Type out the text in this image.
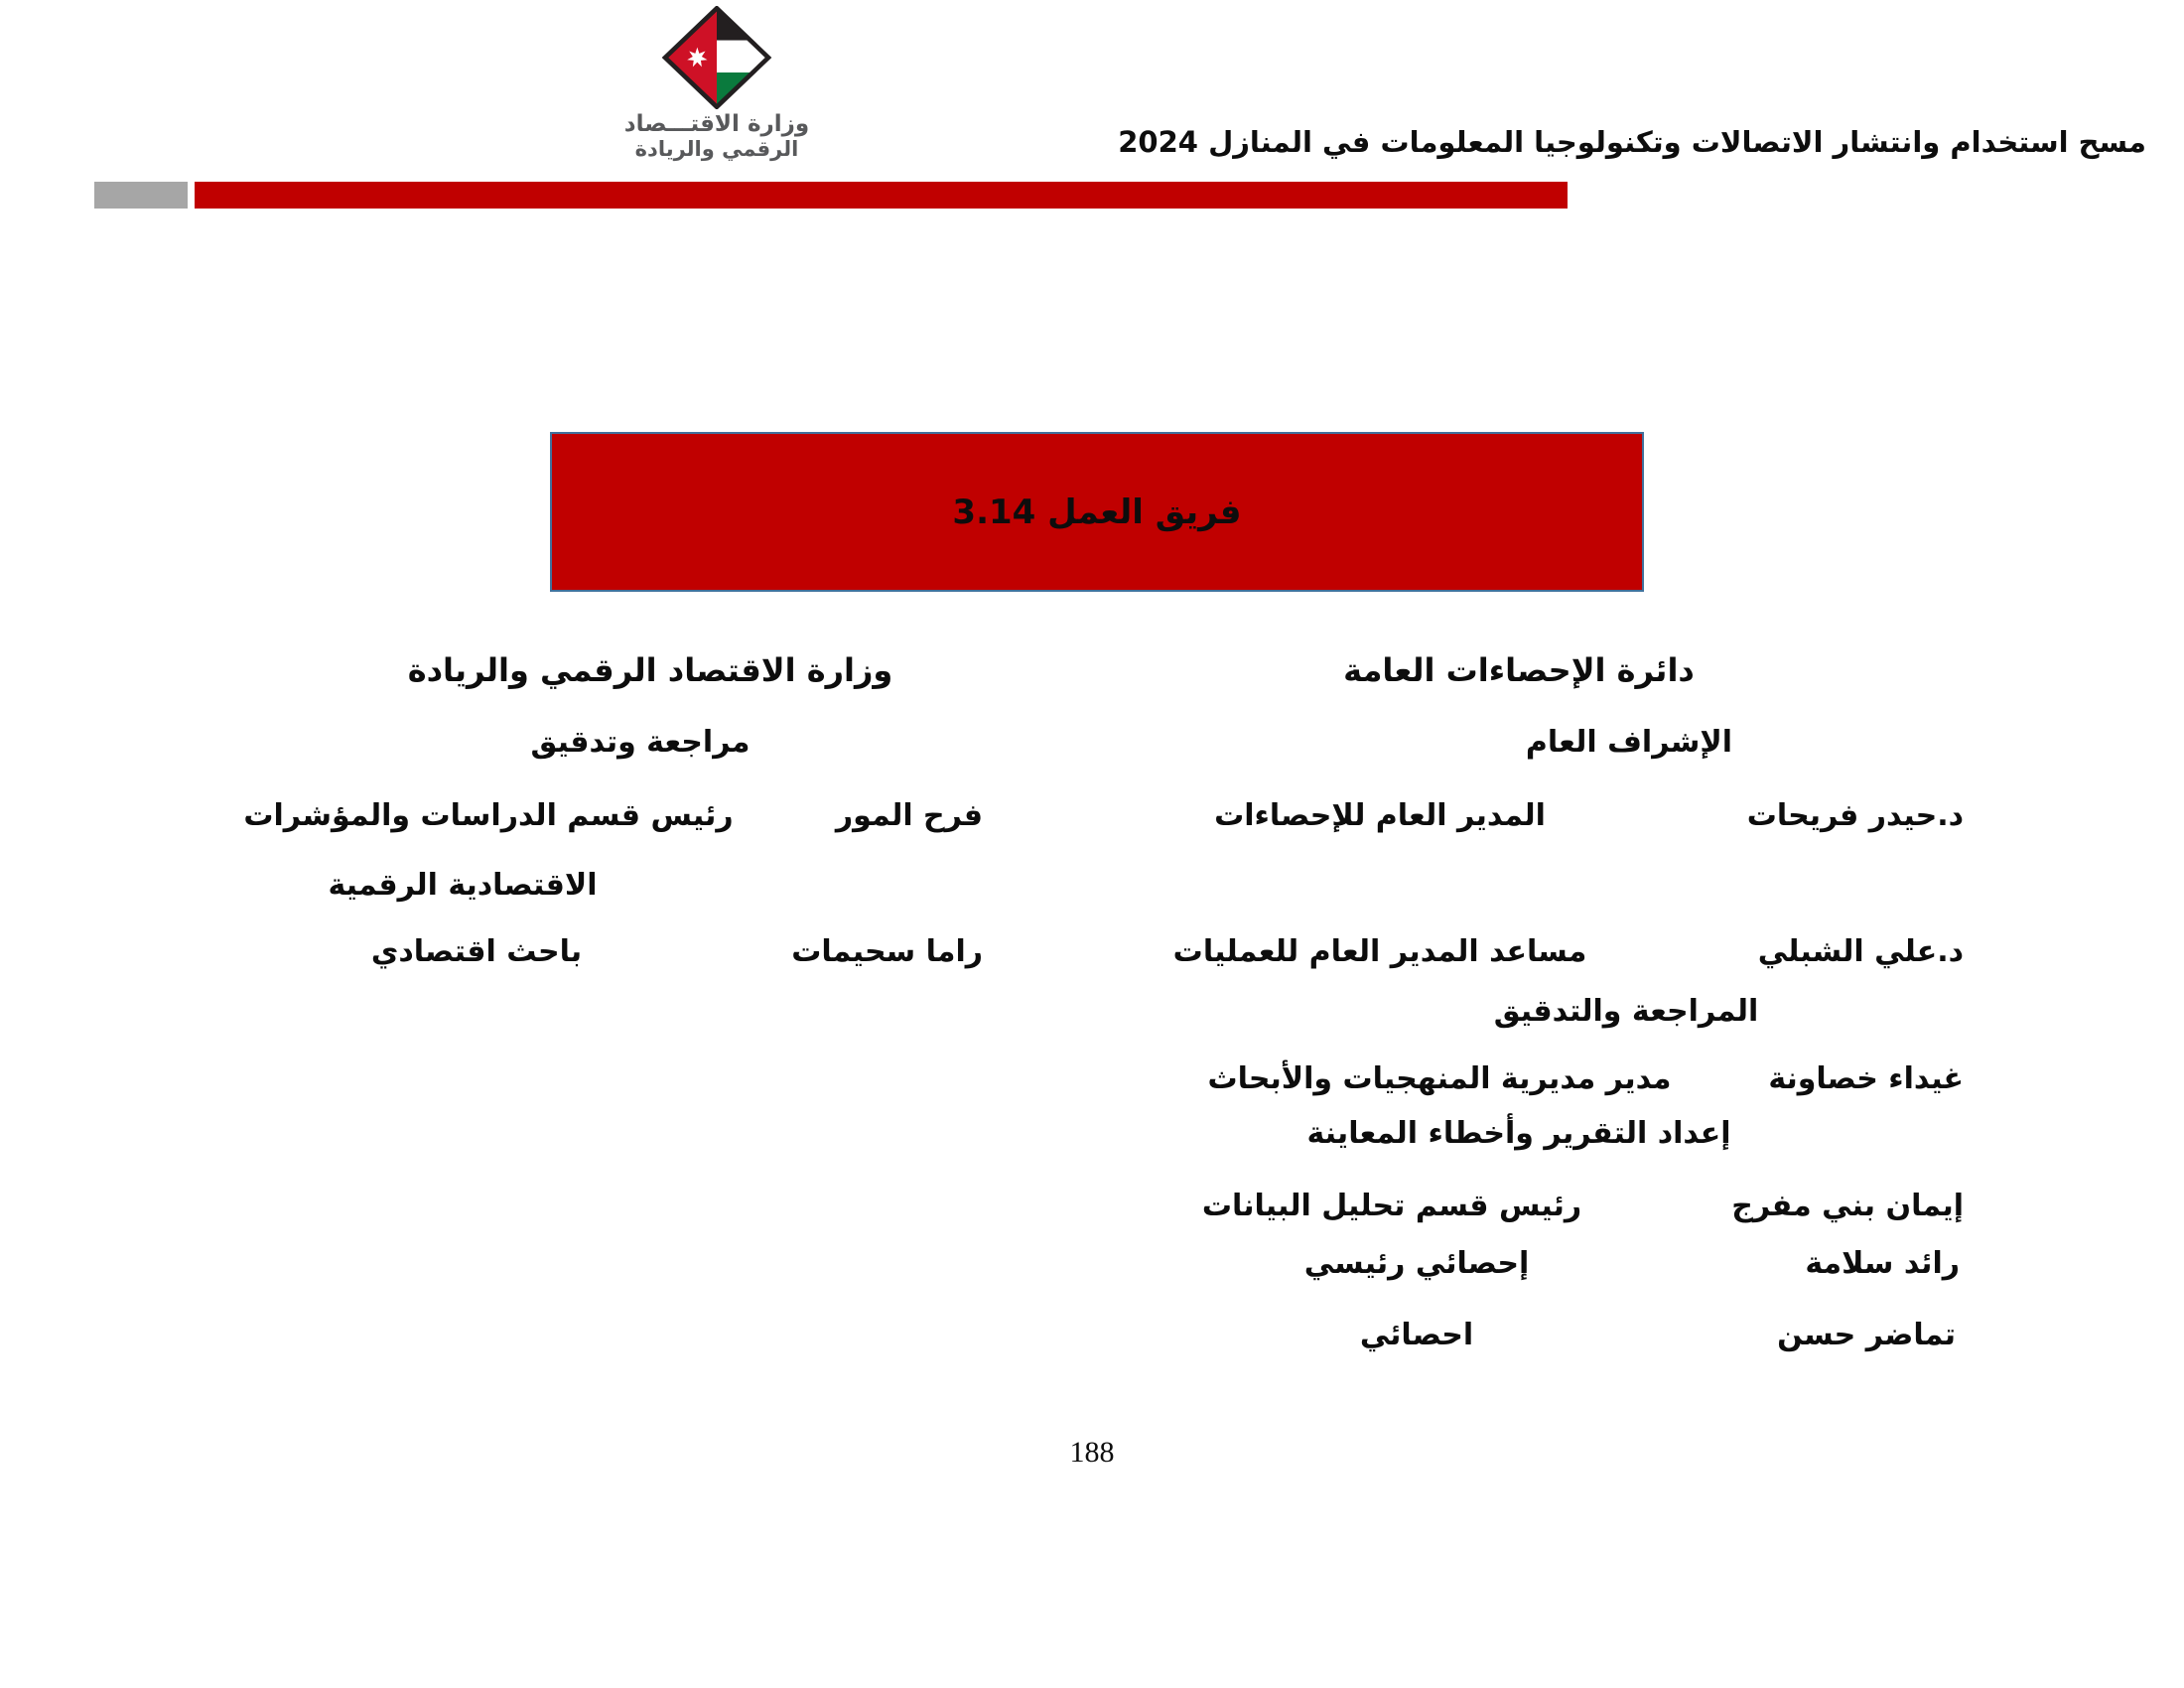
مسح استخدام وانتشار الاتصالات وتكنولوجيا المعلومات في المنازل 2024
وزارة الاقتـــصاد
الرقمي والريادة
3.14 فريق العمل
دائرة الإحصاءات العامة
وزارة الاقتصاد الرقمي والريادة
الإشراف العام
مراجعة وتدقيق
د.حيدر فريحات
المدير العام للإحصاءات
فرح المور
رئيس قسم الدراسات والمؤشرات
الاقتصادية الرقمية
د.علي الشبلي
مساعد المدير العام للعمليات
راما سحيمات
باحث اقتصادي
المراجعة والتدقيق
غيداء خصاونة
مدير مديرية المنهجيات والأبحاث
إعداد التقرير وأخطاء المعاينة
إيمان بني مفرج
رئيس قسم تحليل البيانات
رائد سلامة
إحصائي رئيسي
تماضر حسن
احصائي
188
